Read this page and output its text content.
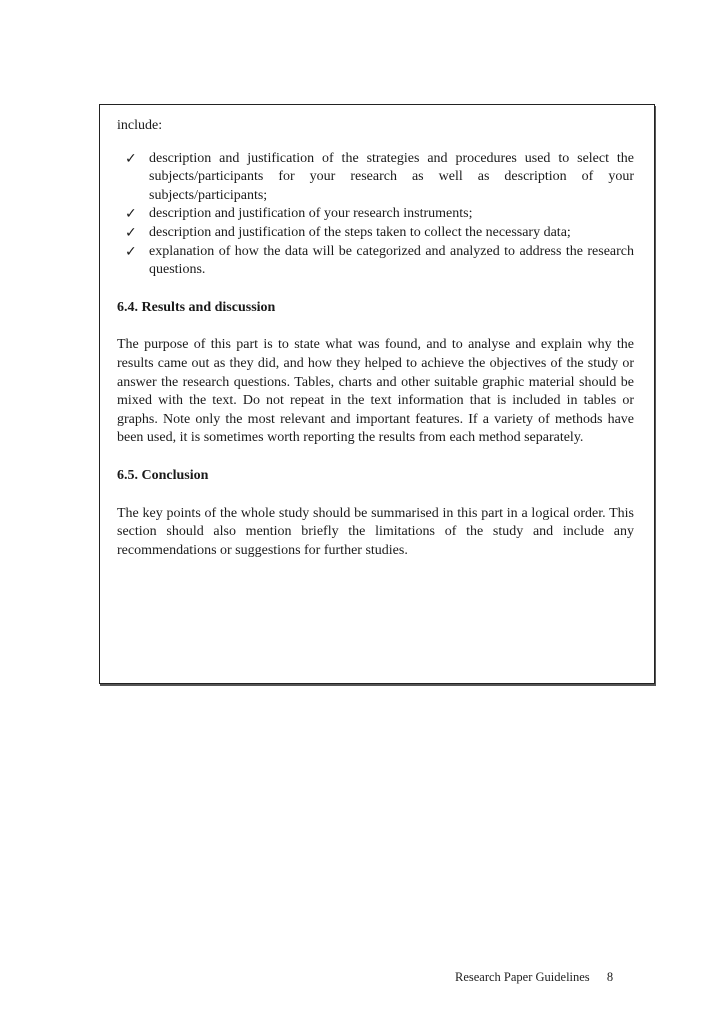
include:

✓ description and justification of the strategies and procedures used to select the subjects/participants for your research as well as description of your subjects/participants;
✓ description and justification of your research instruments;
✓ description and justification of the steps taken to collect the necessary data;
✓ explanation of how the data will be categorized and analyzed to address the research questions.
6.4. Results and discussion

The purpose of this part is to state what was found, and to analyse and explain why the results came out as they did, and how they helped to achieve the objectives of the study or answer the research questions. Tables, charts and other suitable graphic material should be mixed with the text. Do not repeat in the text information that is included in tables or graphs. Note only the most relevant and important features. If a variety of methods have been used, it is sometimes worth reporting the results from each method separately.

6.5. Conclusion

The key points of the whole study should be summarised in this part in a logical order. This section should also mention briefly the limitations of the study and include any recommendations or suggestions for further studies.

Research Paper Guidelines 8
